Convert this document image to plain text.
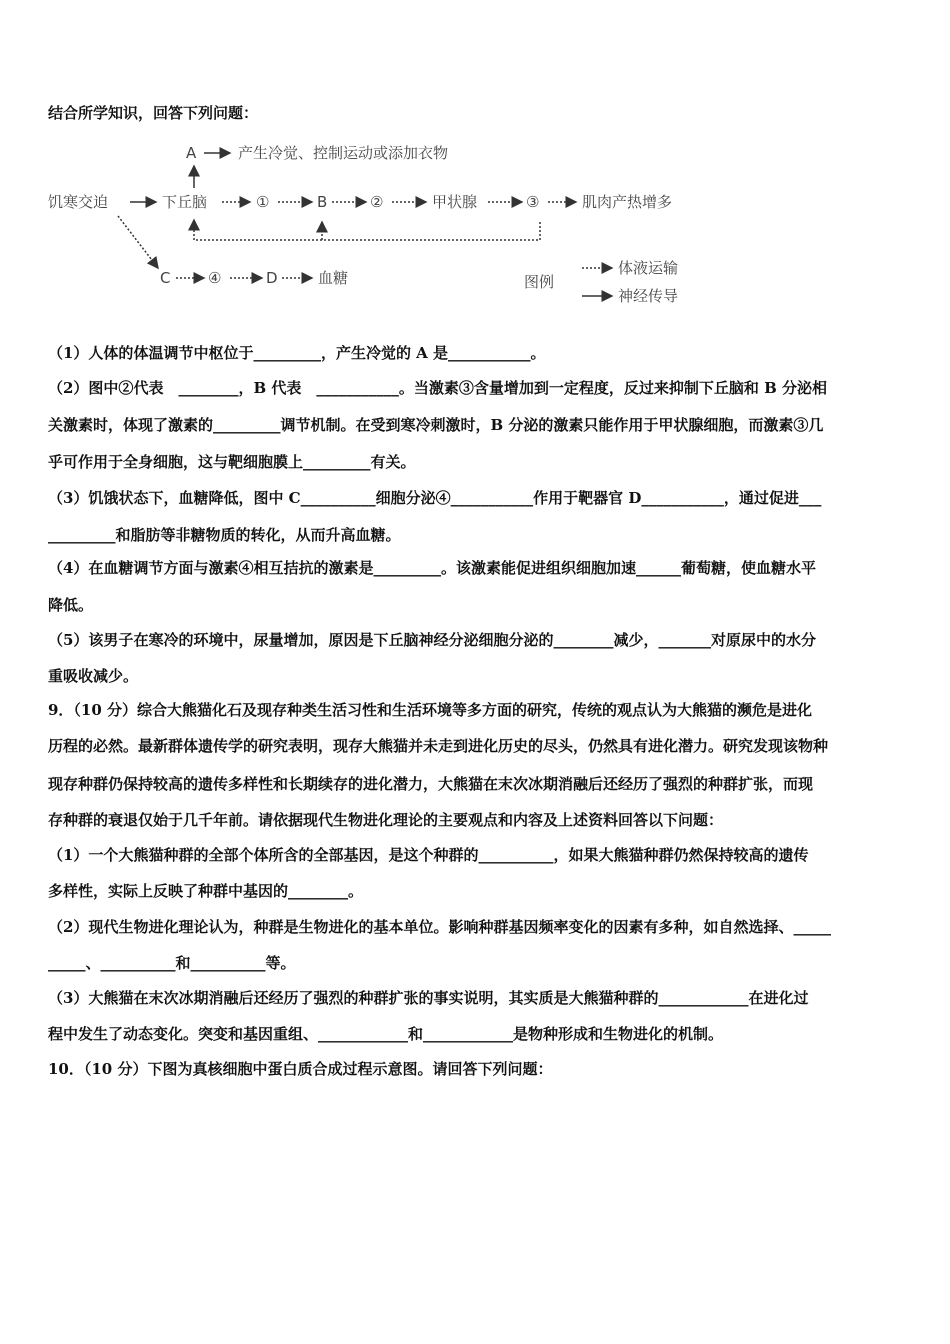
结合所学知识，回答下列问题：
A	产生冷觉、控制运动或添加衣物
饥寒交迫	下丘脑	①	B	②	甲状腺	③	肌肉产热增多
C	④	D	血糖	图例
体液运输
神经传导
（1）人体的体温调节中枢位于_________，产生冷觉的 A 是___________。
（2）图中②代表　________，B 代表　___________。当激素③含量增加到一定程度，反过来抑制下丘脑和 B 分泌相
关激素时，体现了激素的_________调节机制。在受到寒冷刺激时，B 分泌的激素只能作用于甲状腺细胞，而激素③几
乎可作用于全身细胞，这与靶细胞膜上_________有关。
（3）饥饿状态下，血糖降低，图中 C__________细胞分泌④___________作用于靶器官 D___________，通过促进___
_________和脂肪等非糖物质的转化，从而升高血糖。
（4）在血糖调节方面与激素④相互拮抗的激素是_________。该激素能促进组织细胞加速______葡萄糖，使血糖水平
降低。
（5）该男子在寒冷的环境中，尿量增加，原因是下丘脑神经分泌细胞分泌的________减少，_______对原尿中的水分
重吸收减少。
9．（10 分）综合大熊猫化石及现存种类生活习性和生活环境等多方面的研究，传统的观点认为大熊猫的濒危是进化
历程的必然。最新群体遗传学的研究表明，现存大熊猫并未走到进化历史的尽头，仍然具有进化潜力。研究发现该物种
现存种群仍保持较高的遗传多样性和长期续存的进化潜力，大熊猫在末次冰期消融后还经历了强烈的种群扩张，而现
存种群的衰退仅始于几千年前。请依据现代生物进化理论的主要观点和内容及上述资料回答以下问题：
（1）一个大熊猫种群的全部个体所含的全部基因，是这个种群的__________，如果大熊猫种群仍然保持较高的遗传
多样性，实际上反映了种群中基因的________。
（2）现代生物进化理论认为，种群是生物进化的基本单位。影响种群基因频率变化的因素有多种，如自然选择、_____
_____、__________和__________等。
（3）大熊猫在末次冰期消融后还经历了强烈的种群扩张的事实说明，其实质是大熊猫种群的____________在进化过
程中发生了动态变化。突变和基因重组、____________和____________是物种形成和生物进化的机制。
10．（10 分）下图为真核细胞中蛋白质合成过程示意图。请回答下列问题：
